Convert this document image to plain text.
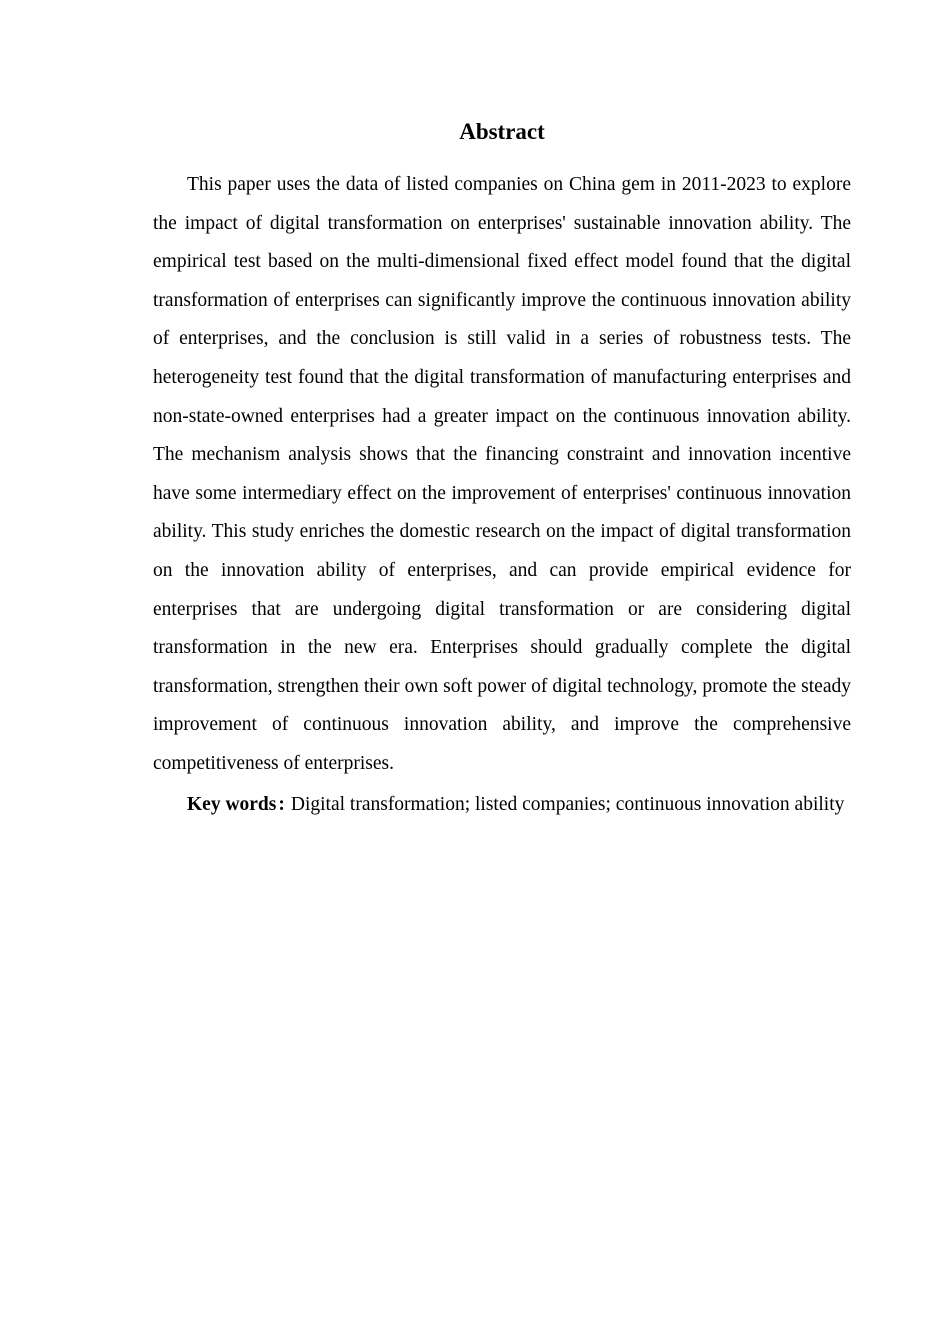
Abstract

This paper uses the data of listed companies on China gem in 2011-2023 to explore the impact of digital transformation on enterprises' sustainable innovation ability. The empirical test based on the multi-dimensional fixed effect model found that the digital transformation of enterprises can significantly improve the continuous innovation ability of enterprises, and the conclusion is still valid in a series of robustness tests. The heterogeneity test found that the digital transformation of manufacturing enterprises and non-state-owned enterprises had a greater impact on the continuous innovation ability. The mechanism analysis shows that the financing constraint and innovation incentive have some intermediary effect on the improvement of enterprises' continuous innovation ability. This study enriches the domestic research on the impact of digital transformation on the innovation ability of enterprises, and can provide empirical evidence for enterprises that are undergoing digital transformation or are considering digital transformation in the new era. Enterprises should gradually complete the digital transformation, strengthen their own soft power of digital technology, promote the steady improvement of continuous innovation ability, and improve the comprehensive competitiveness of enterprises.

Key words : Digital transformation; listed companies; continuous innovation ability
